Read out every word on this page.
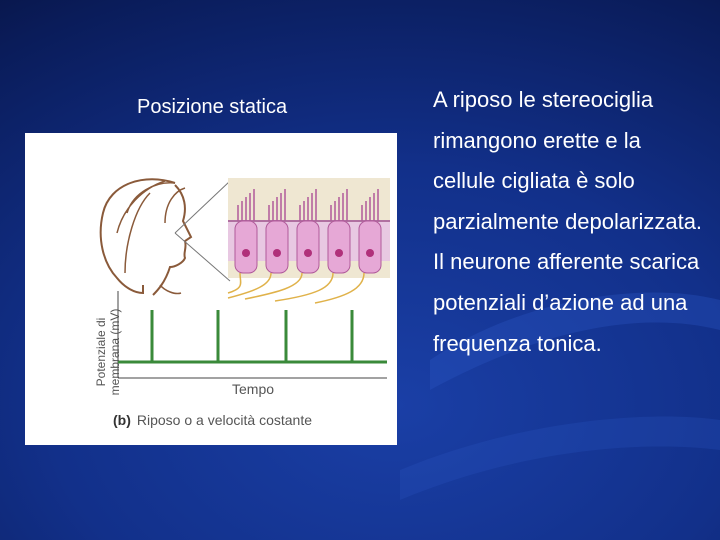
Posizione statica
Potenziale di membrana (mV)	Tempo
(b) Riposo o a velocità costante
A riposo le stereociglia rimangono erette e la cellule cigliata è solo parzialmente depolarizzata. Il neurone afferente scarica potenziali d’azione ad una frequenza tonica.
